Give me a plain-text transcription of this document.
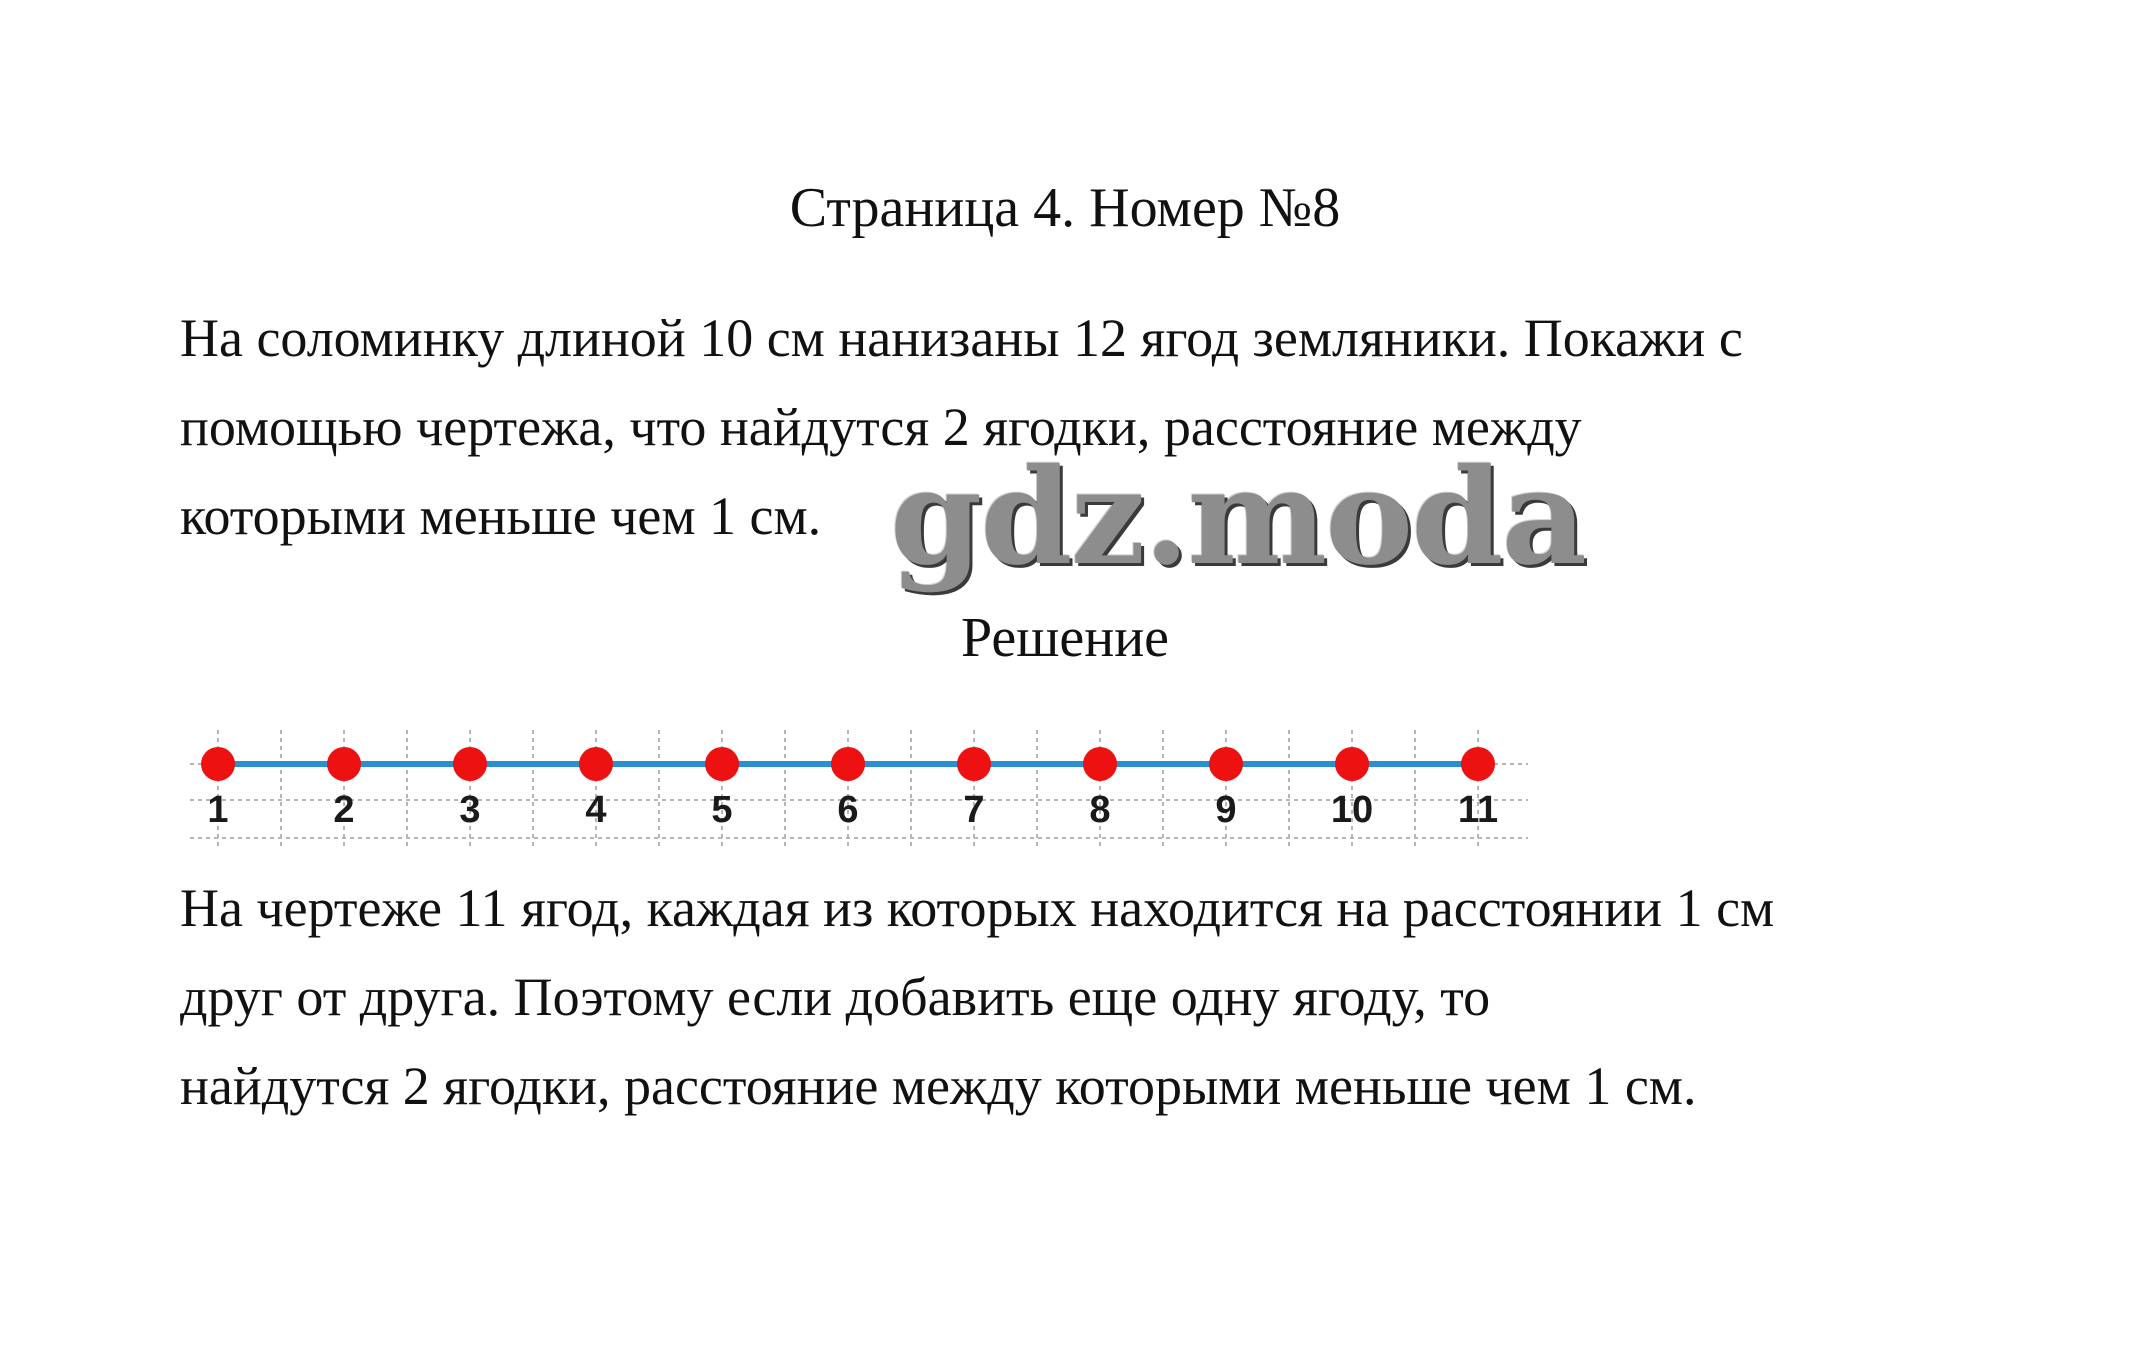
Страница 4. Номер №8
На соломинку длиной 10 см нанизаны 12 ягод земляники. Покажи с
помощью чертежа, что найдутся 2 ягодки, расстояние между
которыми меньше чем 1 см. gdz.moda
Решение
1	2	3	4	5	6	7	8	9 10 11
На чертеже 11 ягод, каждая из которых находится на расстоянии 1 см
друг от друга. Поэтому если добавить еще одну ягоду, то
найдутся 2 ягодки, расстояние между которыми меньше чем 1 см.
